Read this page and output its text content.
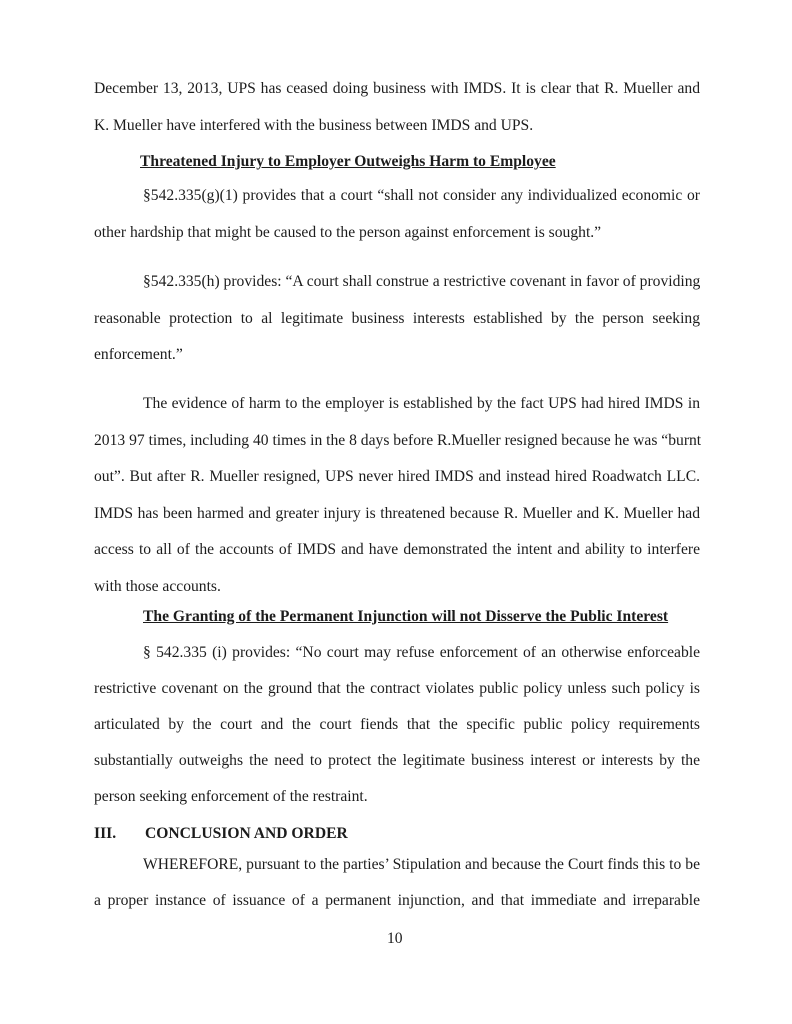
December 13, 2013, UPS has ceased doing business with IMDS. It is clear that R. Mueller and
K. Mueller have interfered with the business between IMDS and UPS.
Threatened Injury to Employer Outweighs Harm to Employee
§542.335(g)(1) provides that a court “shall not consider any individualized economic or
other hardship that might be caused to the person against enforcement is sought.”
§542.335(h) provides: “A court shall construe a restrictive covenant in favor of providing
reasonable protection to al legitimate business interests established by the person seeking
enforcement.”
The evidence of harm to the employer is established by the fact UPS had hired IMDS in
2013 97 times, including 40 times in the 8 days before R.Mueller resigned because he was “burnt
out”. But after R. Mueller resigned, UPS never hired IMDS and instead hired Roadwatch LLC.
IMDS has been harmed and greater injury is threatened because R. Mueller and K. Mueller had
access to all of the accounts of IMDS and have demonstrated the intent and ability to interfere
with those accounts.
The Granting of the Permanent Injunction will not Disserve the Public Interest
§ 542.335 (i) provides: “No court may refuse enforcement of an otherwise enforceable
restrictive covenant on the ground that the contract violates public policy unless such policy is
articulated by the court and the court fiends that the specific public policy requirements
substantially outweighs the need to protect the legitimate business interest or interests by the
person seeking enforcement of the restraint.
III. CONCLUSION AND ORDER
WHEREFORE, pursuant to the parties’ Stipulation and because the Court finds this to be
a proper instance of issuance of a permanent injunction, and that immediate and irreparable
10
